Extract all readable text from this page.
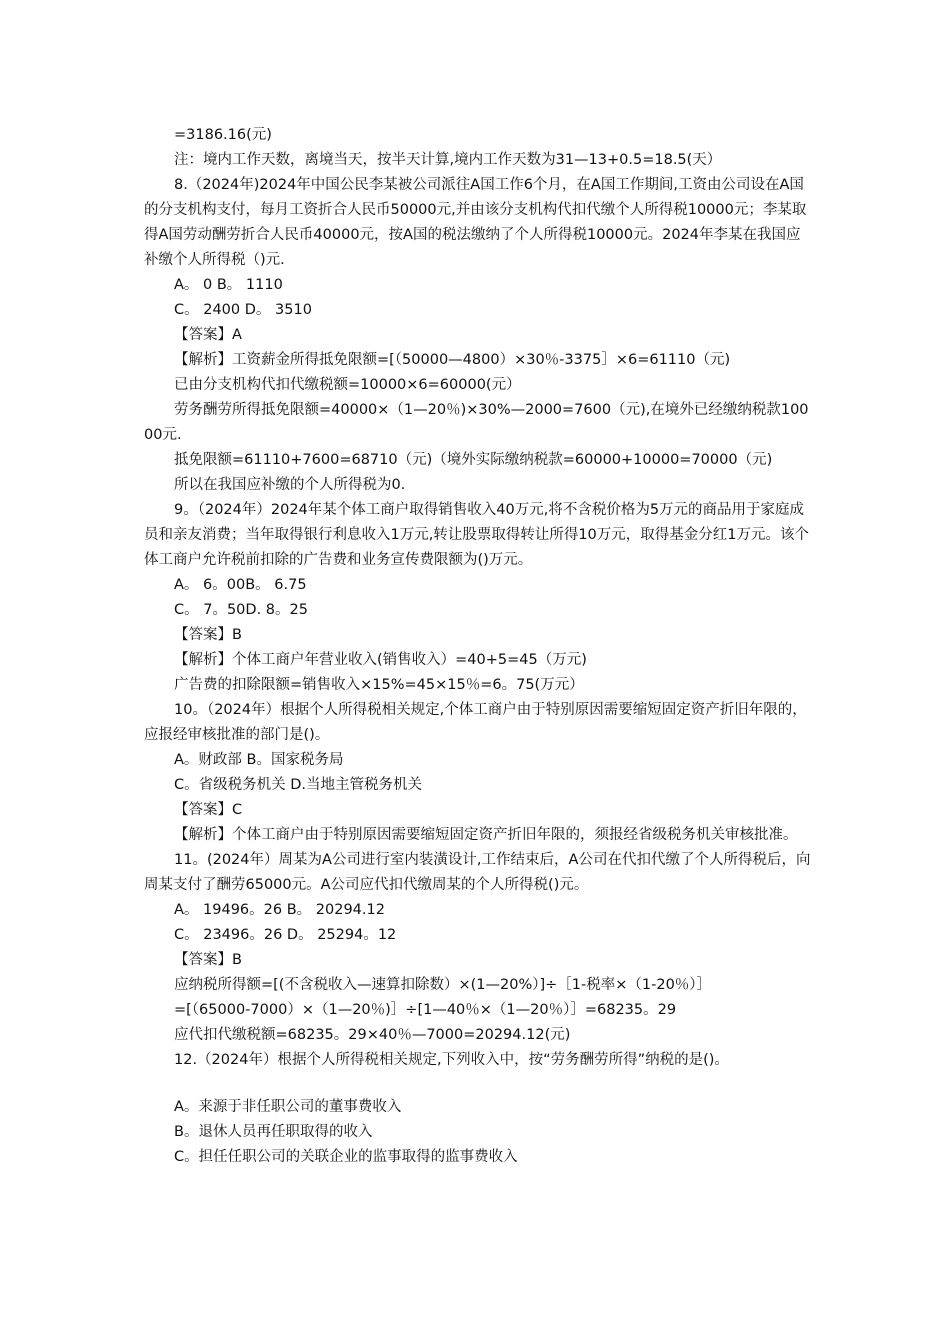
=3186.16(元)

注：境内工作天数，离境当天，按半天计算,境内工作天数为31—13+0.5=18.5(天）

8.（2024年)2024年中国公民李某被公司派往A国工作6个月，在A国工作期间,工资由公司设在A国的分支机构支付，每月工资折合人民币50000元,并由该分支机构代扣代缴个人所得税10000元；李某取得A国劳动酬劳折合人民币40000元，按A国的税法缴纳了个人所得税10000元。2024年李某在我国应补缴个人所得税（)元.

A。 0 B。 1110

C。 2400 D。 3510

【答案】A

【解析】工资薪金所得抵免限额=[（50000—4800）×30％-3375］×6=61110（元)

已由分支机构代扣代缴税额=10000×6=60000(元）

劳务酬劳所得抵免限额=40000×（1—20％)×30%—2000=7600（元),在境外已经缴纳税款10000元.

抵免限额=61110+7600=68710（元)（境外实际缴纳税款=60000+10000=70000（元)

所以在我国应补缴的个人所得税为0.

9。（2024年）2024年某个体工商户取得销售收入40万元,将不含税价格为5万元的商品用于家庭成员和亲友消费；当年取得银行利息收入1万元,转让股票取得转让所得10万元，取得基金分红1万元。该个体工商户允许税前扣除的广告费和业务宣传费限额为()万元。

A。 6。00B。 6.75

C。 7。50D. 8。25

【答案】B

【解析】个体工商户年营业收入(销售收入）=40+5=45（万元)

广告费的扣除限额=销售收入×15%=45×15％=6。75(万元）

10。（2024年）根据个人所得税相关规定,个体工商户由于特别原因需要缩短固定资产折旧年限的，应报经审核批准的部门是()。

A。财政部 B。国家税务局

C。省级税务机关 D.当地主管税务机关

【答案】C

【解析】个体工商户由于特别原因需要缩短固定资产折旧年限的，须报经省级税务机关审核批准。

11。(2024年）周某为A公司进行室内装潢设计,工作结束后，A公司在代扣代缴了个人所得税后，向周某支付了酬劳65000元。A公司应代扣代缴周某的个人所得税()元。

A。 19496。26 B。 20294.12

C。 23496。26 D。 25294。12

【答案】B

应纳税所得额=[(不含税收入—速算扣除数）×(1—20%）]÷［1-税率×（1-20％）］

=[（65000-7000）×（1—20％)］÷[1—40％×（1—20％）］=68235。29

应代扣代缴税额=68235。29×40％—7000=20294.12(元)

12.（2024年）根据个人所得税相关规定,下列收入中，按“劳务酬劳所得”纳税的是()。

A。来源于非任职公司的董事费收入

B。退休人员再任职取得的收入

C。担任任职公司的关联企业的监事取得的监事费收入
